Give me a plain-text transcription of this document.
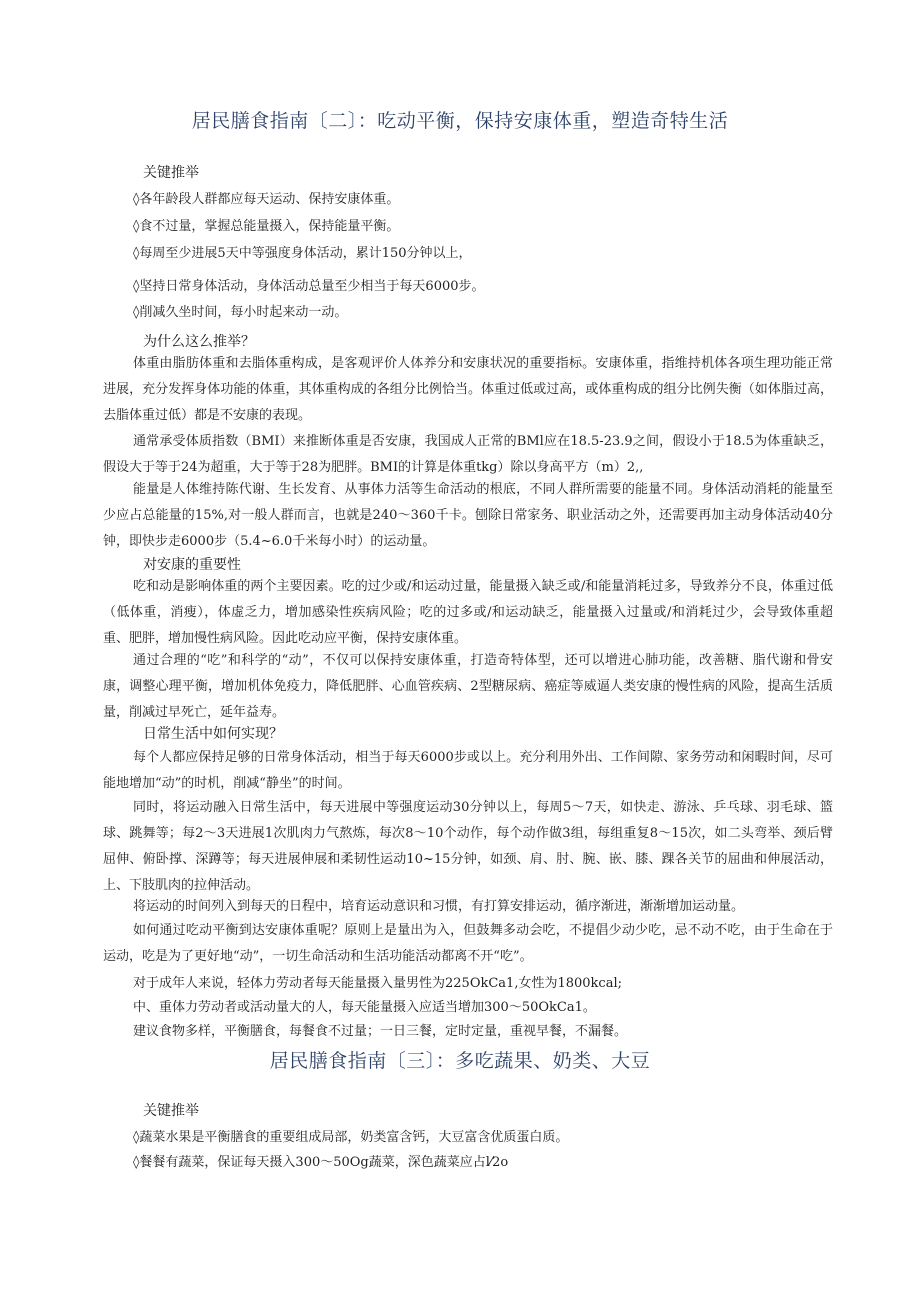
居民膳食指南〔二〕：吃动平衡，保持安康体重，塑造奇特生活
关键推举
◊各年龄段人群都应每天运动、保持安康体重。
◊食不过量，掌握总能量摄入，保持能量平衡。
◊每周至少进展5天中等强度身体活动，累计150分钟以上，
◊坚持日常身体活动，身体活动总量至少相当于每天6000步。
◊削减久坐时间，每小时起来动一动。
为什么这么推举？
体重由脂肪体重和去脂体重构成，是客观评价人体养分和安康状况的重要指标。安康体重，指维持机体各项生理功能正常进展，充分发挥身体功能的体重，其体重构成的各组分比例恰当。体重过低或过高，或体重构成的组分比例失衡（如体脂过高，去脂体重过低）都是不安康的表现。
通常承受体质指数（BMI）来推断体重是否安康，我国成人正常的BMl应在18.5-23.9之间，假设小于18.5为体重缺乏，假设大于等于24为超重，大于等于28为肥胖。BMI的计算是体重tkg）除以身高平方（m）2,,
能量是人体维持陈代谢、生长发育、从事体力活等生命活动的根底，不同人群所需要的能量不同。身体活动消耗的能量至少应占总能量的15%,对一般人群而言，也就是240～360千卡。刨除日常家务、职业活动之外，还需要再加主动身体活动40分钟，即快步走6000步（5.4~6.0千米每小时）的运动量。
对安康的重要性
吃和动是影响体重的两个主要因素。吃的过少或/和运动过量，能量摄入缺乏或/和能量消耗过多，导致养分不良，体重过低（低体重，消瘦），体虚乏力，增加感染性疾病风险；吃的过多或/和运动缺乏，能量摄入过量或/和消耗过少，会导致体重超重、肥胖，增加慢性病风险。因此吃动应平衡，保持安康体重。
通过合理的“吃”和科学的“动”，不仅可以保持安康体重，打造奇特体型，还可以增进心肺功能，改善糖、脂代谢和骨安康，调整心理平衡，增加机体免疫力，降低肥胖、心血管疾病、2型糖尿病、癌症等威逼人类安康的慢性病的风险，提高生活质量，削减过早死亡，延年益寿。
日常生活中如何实现？
每个人都应保持足够的日常身体活动，相当于每天6000步或以上。充分利用外出、工作间隙、家务劳动和闲暇时间，尽可能地增加“动”的时机，削减“静坐”的时间。
同时，将运动融入日常生活中，每天进展中等强度运动30分钟以上，每周5～7天，如快走、游泳、乒乓球、羽毛球、篮球、跳舞等；每2～3天进展1次肌肉力气熬炼，每次8～10个动作，每个动作做3组，每组重复8～15次，如二头弯举、颈后臂屈伸、俯卧撑、深蹲等；每天进展伸展和柔韧性运动10~15分钟，如颈、肩、肘、腕、嵌、膝、踝各关节的屈曲和伸展活动，上、下肢肌肉的拉伸活动。
将运动的时间列入到每天的日程中，培育运动意识和习惯，有打算安排运动，循序渐进，渐渐增加运动量。
如何通过吃动平衡到达安康体重呢？原则上是量出为入，但鼓舞多动会吃，不提倡少动少吃，忌不动不吃，由于生命在于运动，吃是为了更好地“动”，一切生命活动和生活功能活动都离不开“吃”。
对于成年人来说，轻体力劳动者每天能量摄入量男性为225OkCa1,女性为1800kcal;
中、重体力劳动者或活动量大的人，每天能量摄入应适当增加300～50OkCa1。
建议食物多样，平衡膳食，每餐食不过量；一日三餐，定时定量，重视早餐，不漏餐。
居民膳食指南〔三〕：多吃蔬果、奶类、大豆
关键推举
◊蔬菜水果是平衡膳食的重要组成局部，奶类富含钙，大豆富含优质蛋白质。
◊餐餐有蔬菜，保证每天摄入300～50Og蔬菜，深色蔬菜应占l⁄2o
